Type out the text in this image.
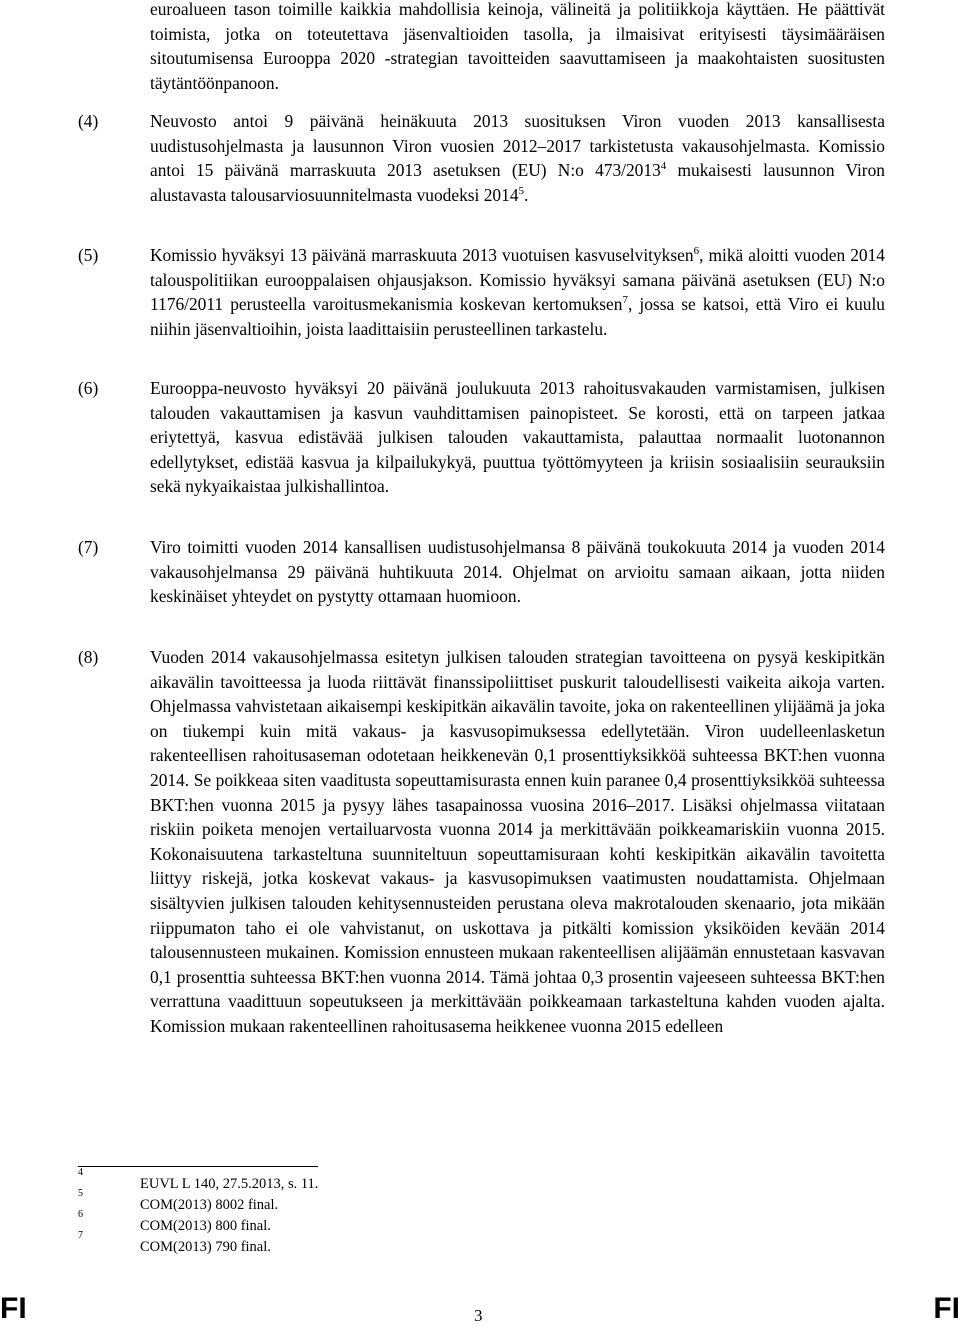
euroalueen tason toimille kaikkia mahdollisia keinoja, välineitä ja politiikkoja käyttäen. He päättivät toimista, jotka on toteutettava jäsenvaltioiden tasolla, ja ilmaisivat erityisesti täysimääräisen sitoutumisensa Eurooppa 2020 -strategian tavoitteiden saavuttamiseen ja maakohtaisten suositusten täytäntöönpanoon.
(4)	Neuvosto antoi 9 päivänä heinäkuuta 2013 suosituksen Viron vuoden 2013 kansallisesta uudistusohjelmasta ja lausunnon Viron vuosien 2012–2017 tarkistetusta vakausohjelmasta. Komissio antoi 15 päivänä marraskuuta 2013 asetuksen (EU) N:o 473/2013$^4$ mukaisesti lausunnon Viron alustavasta talousarviosuunnitelmasta vuodeksi 2014$^5$.
(5)	Komissio hyväksyi 13 päivänä marraskuuta 2013 vuotuisen kasvuselvityksen$^6$, mikä aloitti vuoden 2014 talouspolitiikan eurooppalaisen ohjausjakson. Komissio hyväksyi samana päivänä asetuksen (EU) N:o 1176/2011 perusteella varoitusmekanismia koskevan kertomuksen$^7$, jossa se katsoi, että Viro ei kuulu niihin jäsenvaltioihin, joista laadittaisiin perusteellinen tarkastelu.
(6)	Eurooppa-neuvosto hyväksyi 20 päivänä joulukuuta 2013 rahoitusvakauden varmistamisen, julkisen talouden vakauttamisen ja kasvun vauhdittamisen painopisteet. Se korosti, että on tarpeen jatkaa eriytettyä, kasvua edistävää julkisen talouden vakauttamista, palauttaa normaalit luotonannon edellytykset, edistää kasvua ja kilpailukykyä, puuttua työttömyyteen ja kriisin sosiaalisiin seurauksiin sekä nykyaikaistaa julkishallintoa.
(7)	Viro toimitti vuoden 2014 kansallisen uudistusohjelmansa 8 päivänä toukokuuta 2014 ja vuoden 2014 vakausohjelmansa 29 päivänä huhtikuuta 2014. Ohjelmat on arvioitu samaan aikaan, jotta niiden keskinäiset yhteydet on pystytty ottamaan huomioon.
(8)	Vuoden 2014 vakausohjelmassa esitetyn julkisen talouden strategian tavoitteena on pysyä keskipitkän aikavälin tavoitteessa ja luoda riittävät finanssipoliittiset puskurit taloudellisesti vaikeita aikoja varten. Ohjelmassa vahvistetaan aikaisempi keskipitkän aikavälin tavoite, joka on rakenteellinen ylijäämä ja joka on tiukempi kuin mitä vakaus- ja kasvusopimuksessa edellytetään. Viron uudelleenlasketun rakenteellisen rahoitusaseman odotetaan heikkenevän 0,1 prosenttiyksikköä suhteessa BKT:hen vuonna 2014. Se poikkeaa siten vaaditusta sopeuttamisurasta ennen kuin paranee 0,4 prosenttiyksikköä suhteessa BKT:hen vuonna 2015 ja pysyy lähes tasapainossa vuosina 2016–2017. Lisäksi ohjelmassa viitataan riskiin poiketa menojen vertailuarvosta vuonna 2014 ja merkittävään poikkeamariskiin vuonna 2015. Kokonaisuutena tarkasteltuna suunniteltuun sopeuttamisuraan kohti keskipitkän aikavälin tavoitetta liittyy riskejä, jotka koskevat vakaus- ja kasvusopimuksen vaatimusten noudattamista. Ohjelmaan sisältyvien julkisen talouden kehitysennusteiden perustana oleva makrotalouden skenaario, jota mikään riippumaton taho ei ole vahvistanut, on uskottava ja pitkälti komission yksiköiden kevään 2014 talousennusteen mukainen. Komission ennusteen mukaan rakenteellisen alijäämän ennustetaan kasvavan 0,1 prosenttia suhteessa BKT:hen vuonna 2014. Tämä johtaa 0,3 prosentin vajeeseen suhteessa BKT:hen verrattuna vaadittuun sopeutukseen ja merkittävään poikkeamaan tarkasteltuna kahden vuoden ajalta. Komission mukaan rakenteellinen rahoitusasema heikkenee vuonna 2015 edelleen
4
EUVL L 140, 27.5.2013, s. 11.
5
COM(2013) 8002 final.
6
COM(2013) 800 final.
7
COM(2013) 790 final.
FI	3	FI
